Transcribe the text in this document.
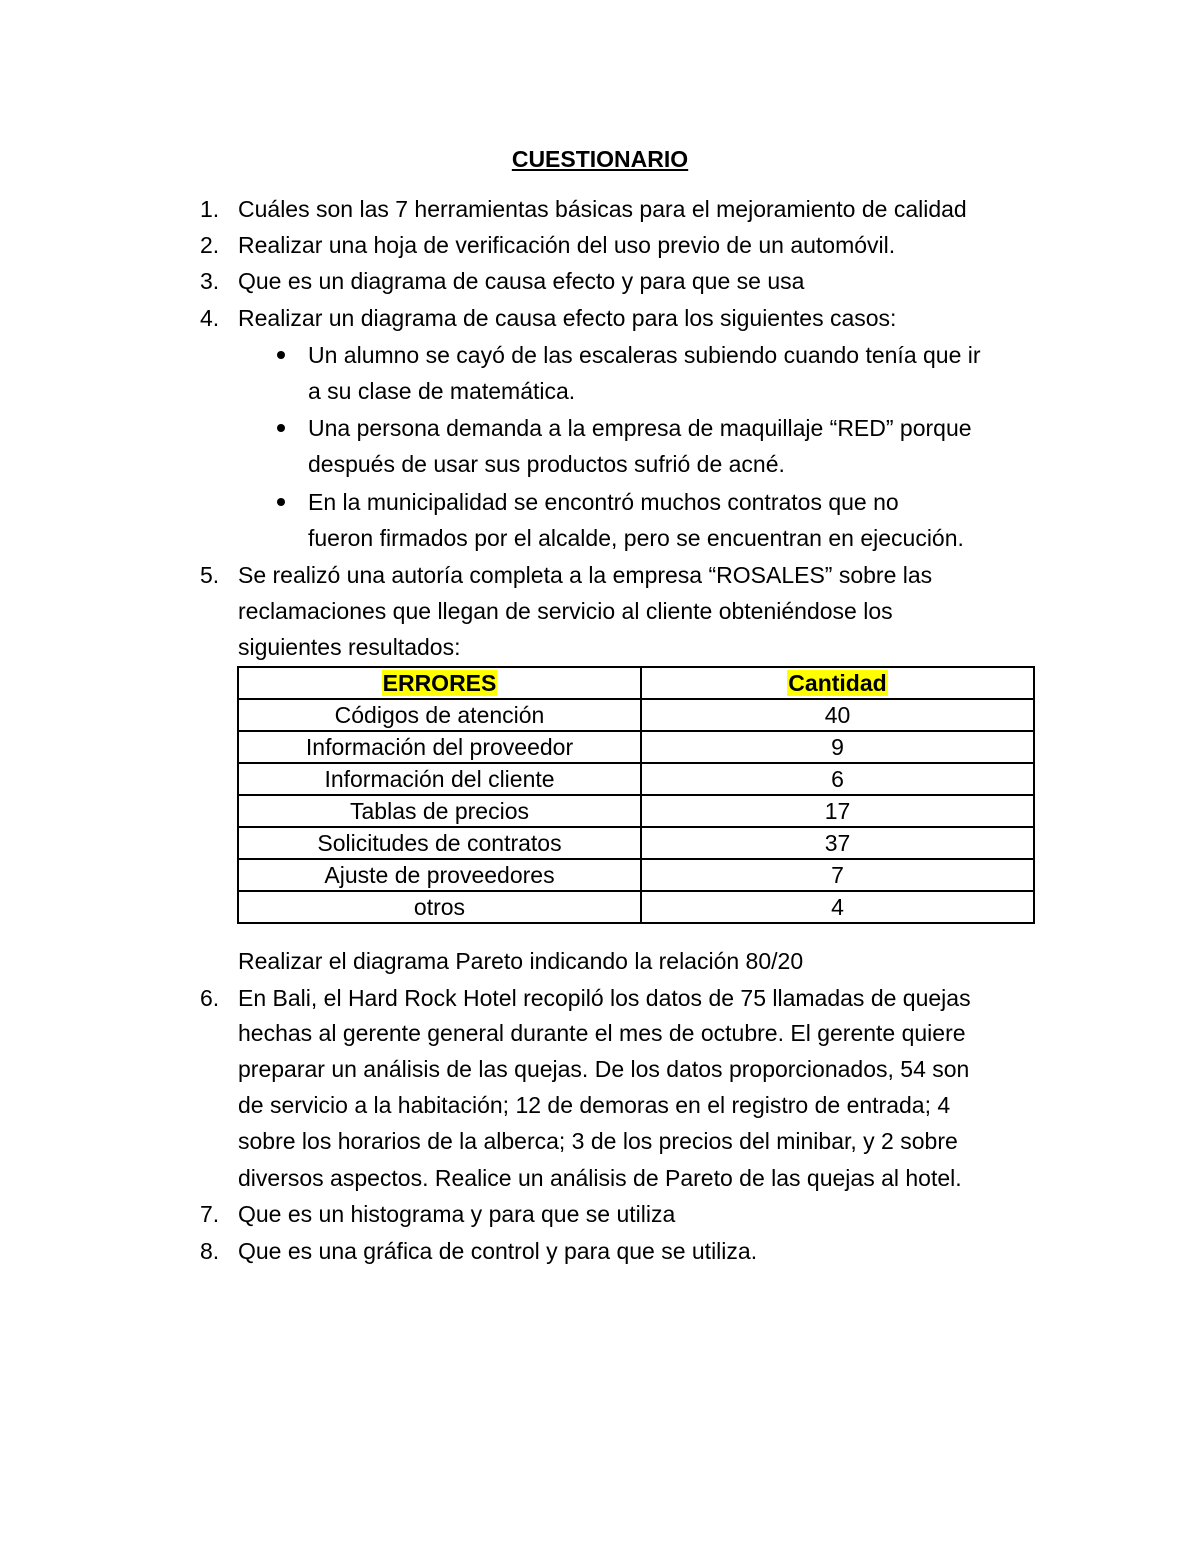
CUESTIONARIO
1. Cuáles son las 7 herramientas básicas para el mejoramiento de calidad
2. Realizar una hoja de verificación del uso previo de un automóvil.
3. Que es un diagrama de causa efecto y para que se usa
4. Realizar un diagrama de causa efecto para los siguientes casos:
Un alumno se cayó de las escaleras subiendo cuando tenía que ir
a su clase de matemática.
Una persona demanda a la empresa de maquillaje “RED” porque
después de usar sus productos sufrió de acné.
En la municipalidad se encontró muchos contratos que no
fueron firmados por el alcalde, pero se encuentran en ejecución.
5. Se realizó una autoría completa a la empresa “ROSALES” sobre las
reclamaciones que llegan de servicio al cliente obteniéndose los
siguientes resultados:
ERRORES	Cantidad
Códigos de atención	40
Información del proveedor	9
Información del cliente	6
Tablas de precios	17
Solicitudes de contratos	37
Ajuste de proveedores	7
otros	4
Realizar el diagrama Pareto indicando la relación 80/20
6. En Bali, el Hard Rock Hotel recopiló los datos de 75 llamadas de quejas
hechas al gerente general durante el mes de octubre. El gerente quiere
preparar un análisis de las quejas. De los datos proporcionados, 54 son
de servicio a la habitación; 12 de demoras en el registro de entrada; 4
sobre los horarios de la alberca; 3 de los precios del minibar, y 2 sobre
diversos aspectos. Realice un análisis de Pareto de las quejas al hotel.
7. Que es un histograma y para que se utiliza
8. Que es una gráfica de control y para que se utiliza.
